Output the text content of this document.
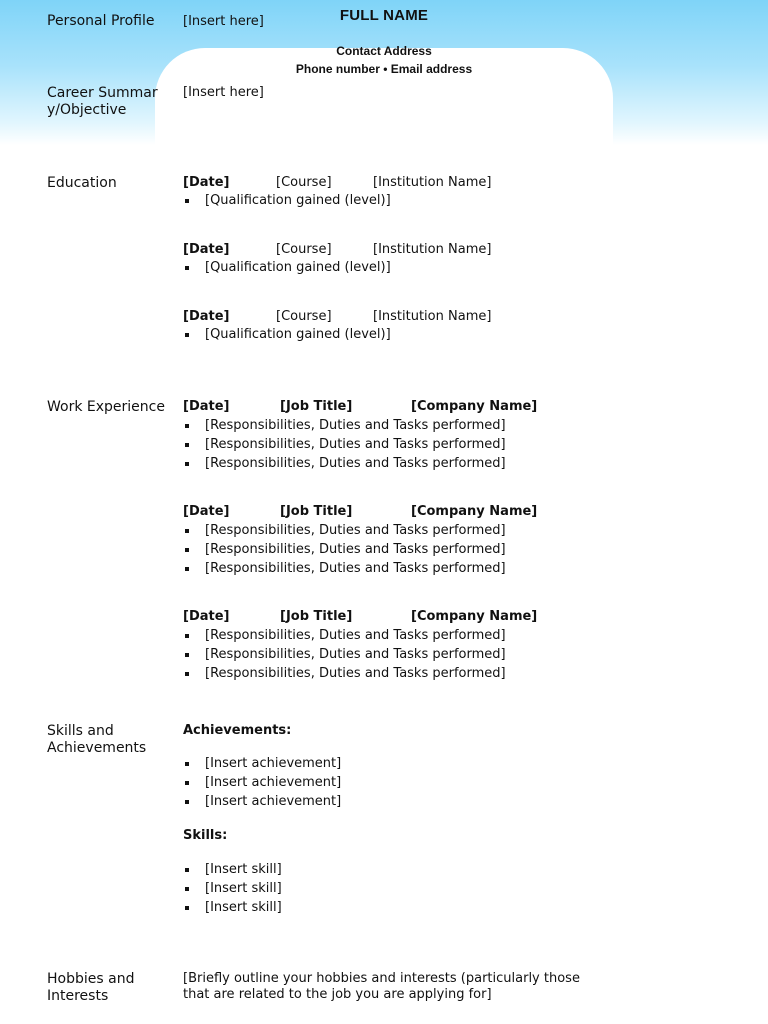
FULL NAME
Contact Address
Phone number • Email address
Personal Profile	[Insert here]
Career Summary/Objective
[Insert here]
Education	[Date]	[Course]	[Institution Name]
[Qualification gained (level)]
[Date]	[Course]	[Institution Name]
[Qualification gained (level)]
[Date]	[Course]	[Institution Name]
[Qualification gained (level)]
Work Experience [Date]	[Job Title]	[Company Name]
[Responsibilities, Duties and Tasks performed]
[Responsibilities, Duties and Tasks performed]
[Responsibilities, Duties and Tasks performed]
[Date]	[Job Title]	[Company Name]
[Responsibilities, Duties and Tasks performed]
[Responsibilities, Duties and Tasks performed]
[Responsibilities, Duties and Tasks performed]
[Date]	[Job Title]	[Company Name]
[Responsibilities, Duties and Tasks performed]
[Responsibilities, Duties and Tasks performed]
[Responsibilities, Duties and Tasks performed]
Skills and Achievements
Achievements:
[Insert achievement]
[Insert achievement]
[Insert achievement]
Skills:
[Insert skill]
[Insert skill]
[Insert skill]
Hobbies and Interests
[Briefly outline your hobbies and interests (particularly those that are related to the job you are applying for]
